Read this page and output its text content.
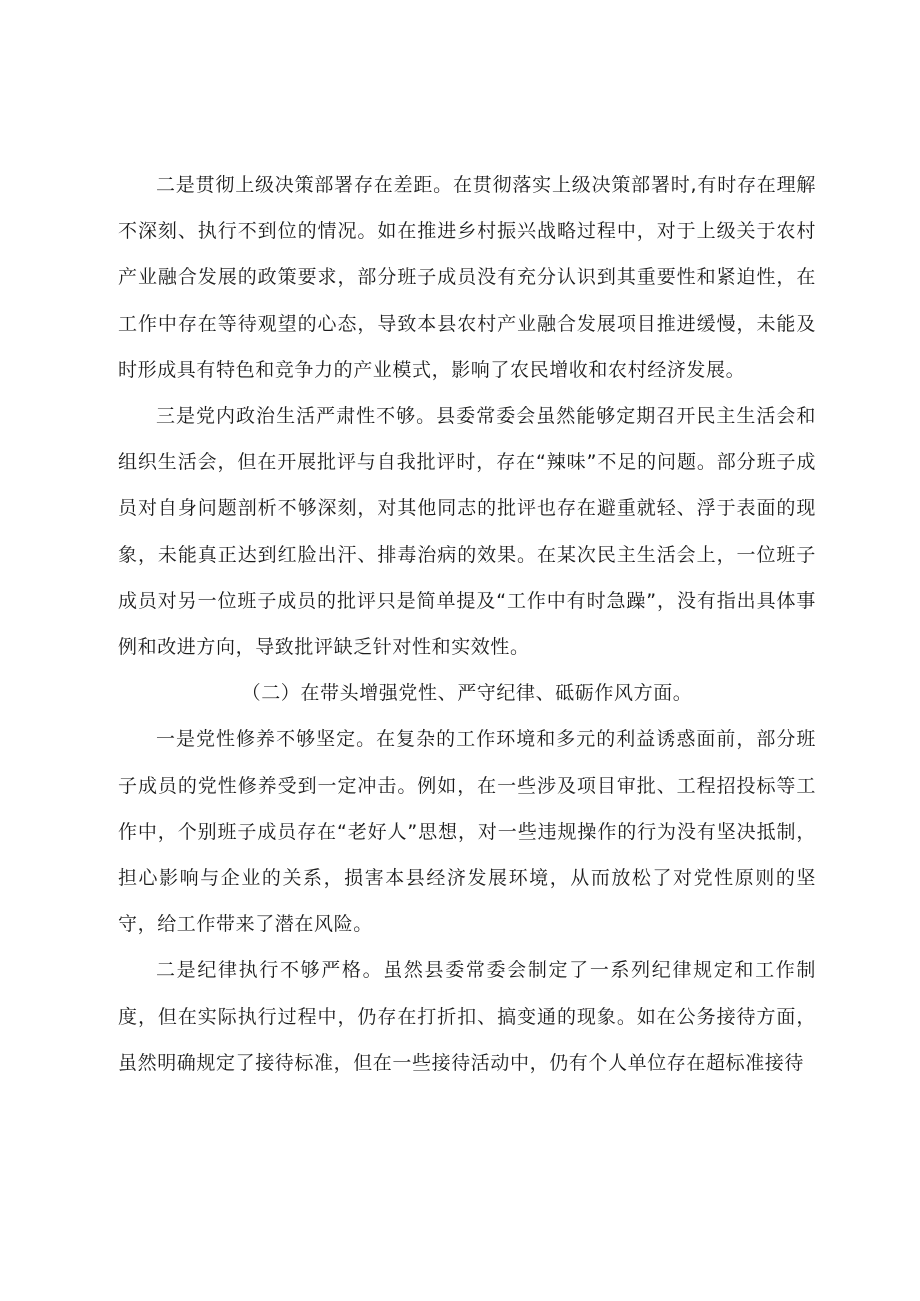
二是贯彻上级决策部署存在差距。在贯彻落实上级决策部署时,有时存在理解不深刻、执行不到位的情况。如在推进乡村振兴战略过程中，对于上级关于农村产业融合发展的政策要求，部分班子成员没有充分认识到其重要性和紧迫性，在工作中存在等待观望的心态，导致本县农村产业融合发展项目推进缓慢，未能及时形成具有特色和竞争力的产业模式，影响了农民增收和农村经济发展。

三是党内政治生活严肃性不够。县委常委会虽然能够定期召开民主生活会和组织生活会，但在开展批评与自我批评时，存在“辣味”不足的问题。部分班子成员对自身问题剖析不够深刻，对其他同志的批评也存在避重就轻、浮于表面的现象，未能真正达到红脸出汗、排毒治病的效果。在某次民主生活会上，一位班子成员对另一位班子成员的批评只是简单提及“工作中有时急躁”，没有指出具体事例和改进方向，导致批评缺乏针对性和实效性。

（二）在带头增强党性、严守纪律、砥砺作风方面。

一是党性修养不够坚定。在复杂的工作环境和多元的利益诱惑面前，部分班子成员的党性修养受到一定冲击。例如，在一些涉及项目审批、工程招投标等工作中，个别班子成员存在“老好人”思想，对一些违规操作的行为没有坚决抵制，担心影响与企业的关系，损害本县经济发展环境，从而放松了对党性原则的坚守，给工作带来了潜在风险。

二是纪律执行不够严格。虽然县委常委会制定了一系列纪律规定和工作制度，但在实际执行过程中，仍存在打折扣、搞变通的现象。如在公务接待方面，虽然明确规定了接待标准，但在一些接待活动中，仍有个人单位存在超标准接待
